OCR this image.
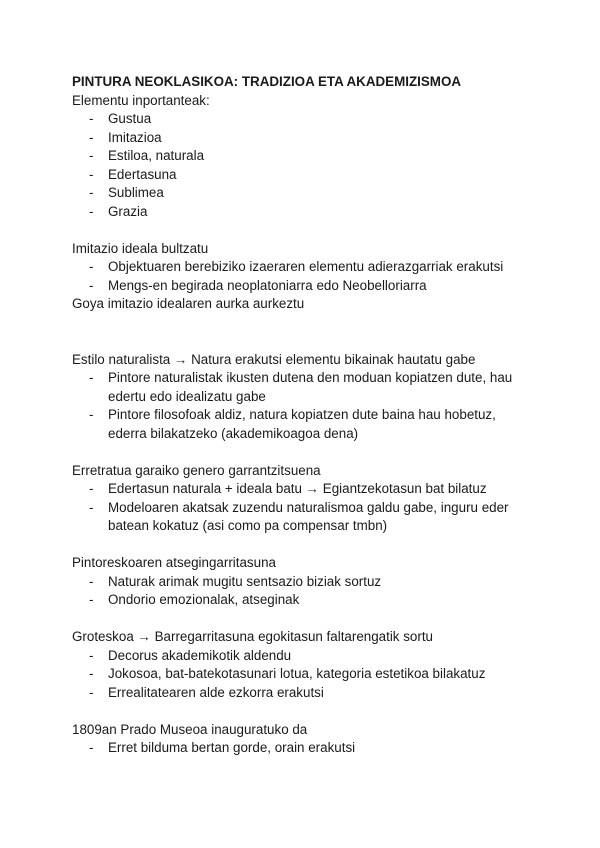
PINTURA NEOKLASIKOA: TRADIZIOA ETA AKADEMIZISMOA
Elementu inportanteak:
- Gustua
- Imitazioa
- Estiloa, naturala
- Edertasuna
- Sublimea
- Grazia
Imitazio ideala bultzatu
- Objektuaren berebiziko izaeraren elementu adierazgarriak erakutsi
- Mengs-en begirada neoplatoniarra edo Neobelloriarra
Goya imitazio idealaren aurka aurkeztu
Estilo naturalista → Natura erakutsi elementu bikainak hautatu gabe
- Pintore naturalistak ikusten dutena den moduan kopiatzen dute, hau edertu edo idealizatu gabe
- Pintore filosofoak aldiz, natura kopiatzen dute baina hau hobetuz, ederra bilakatzeko (akademikoagoa dena)
Erretratua garaiko genero garrantzitsuena
- Edertasun naturala + ideala batu → Egiantzekotasun bat bilatuz
- Modeloaren akatsak zuzendu naturalismoa galdu gabe, inguru eder batean kokatuz (asi como pa compensar tmbn)
Pintoreskoaren atsegingarritasuna
- Naturak arimak mugitu sentsazio biziak sortuz
- Ondorio emozionalak, atseginak
Groteskoa → Barregarritasuna egokitasun faltarengatik sortu
- Decorus akademikotik aldendu
- Jokosoa, bat-batekotasunari lotua, kategoria estetikoa bilakatuz
- Errealitatearen alde ezkorra erakutsi
1809an Prado Museoa inauguratuko da
- Erret bilduma bertan gorde, orain erakutsi
